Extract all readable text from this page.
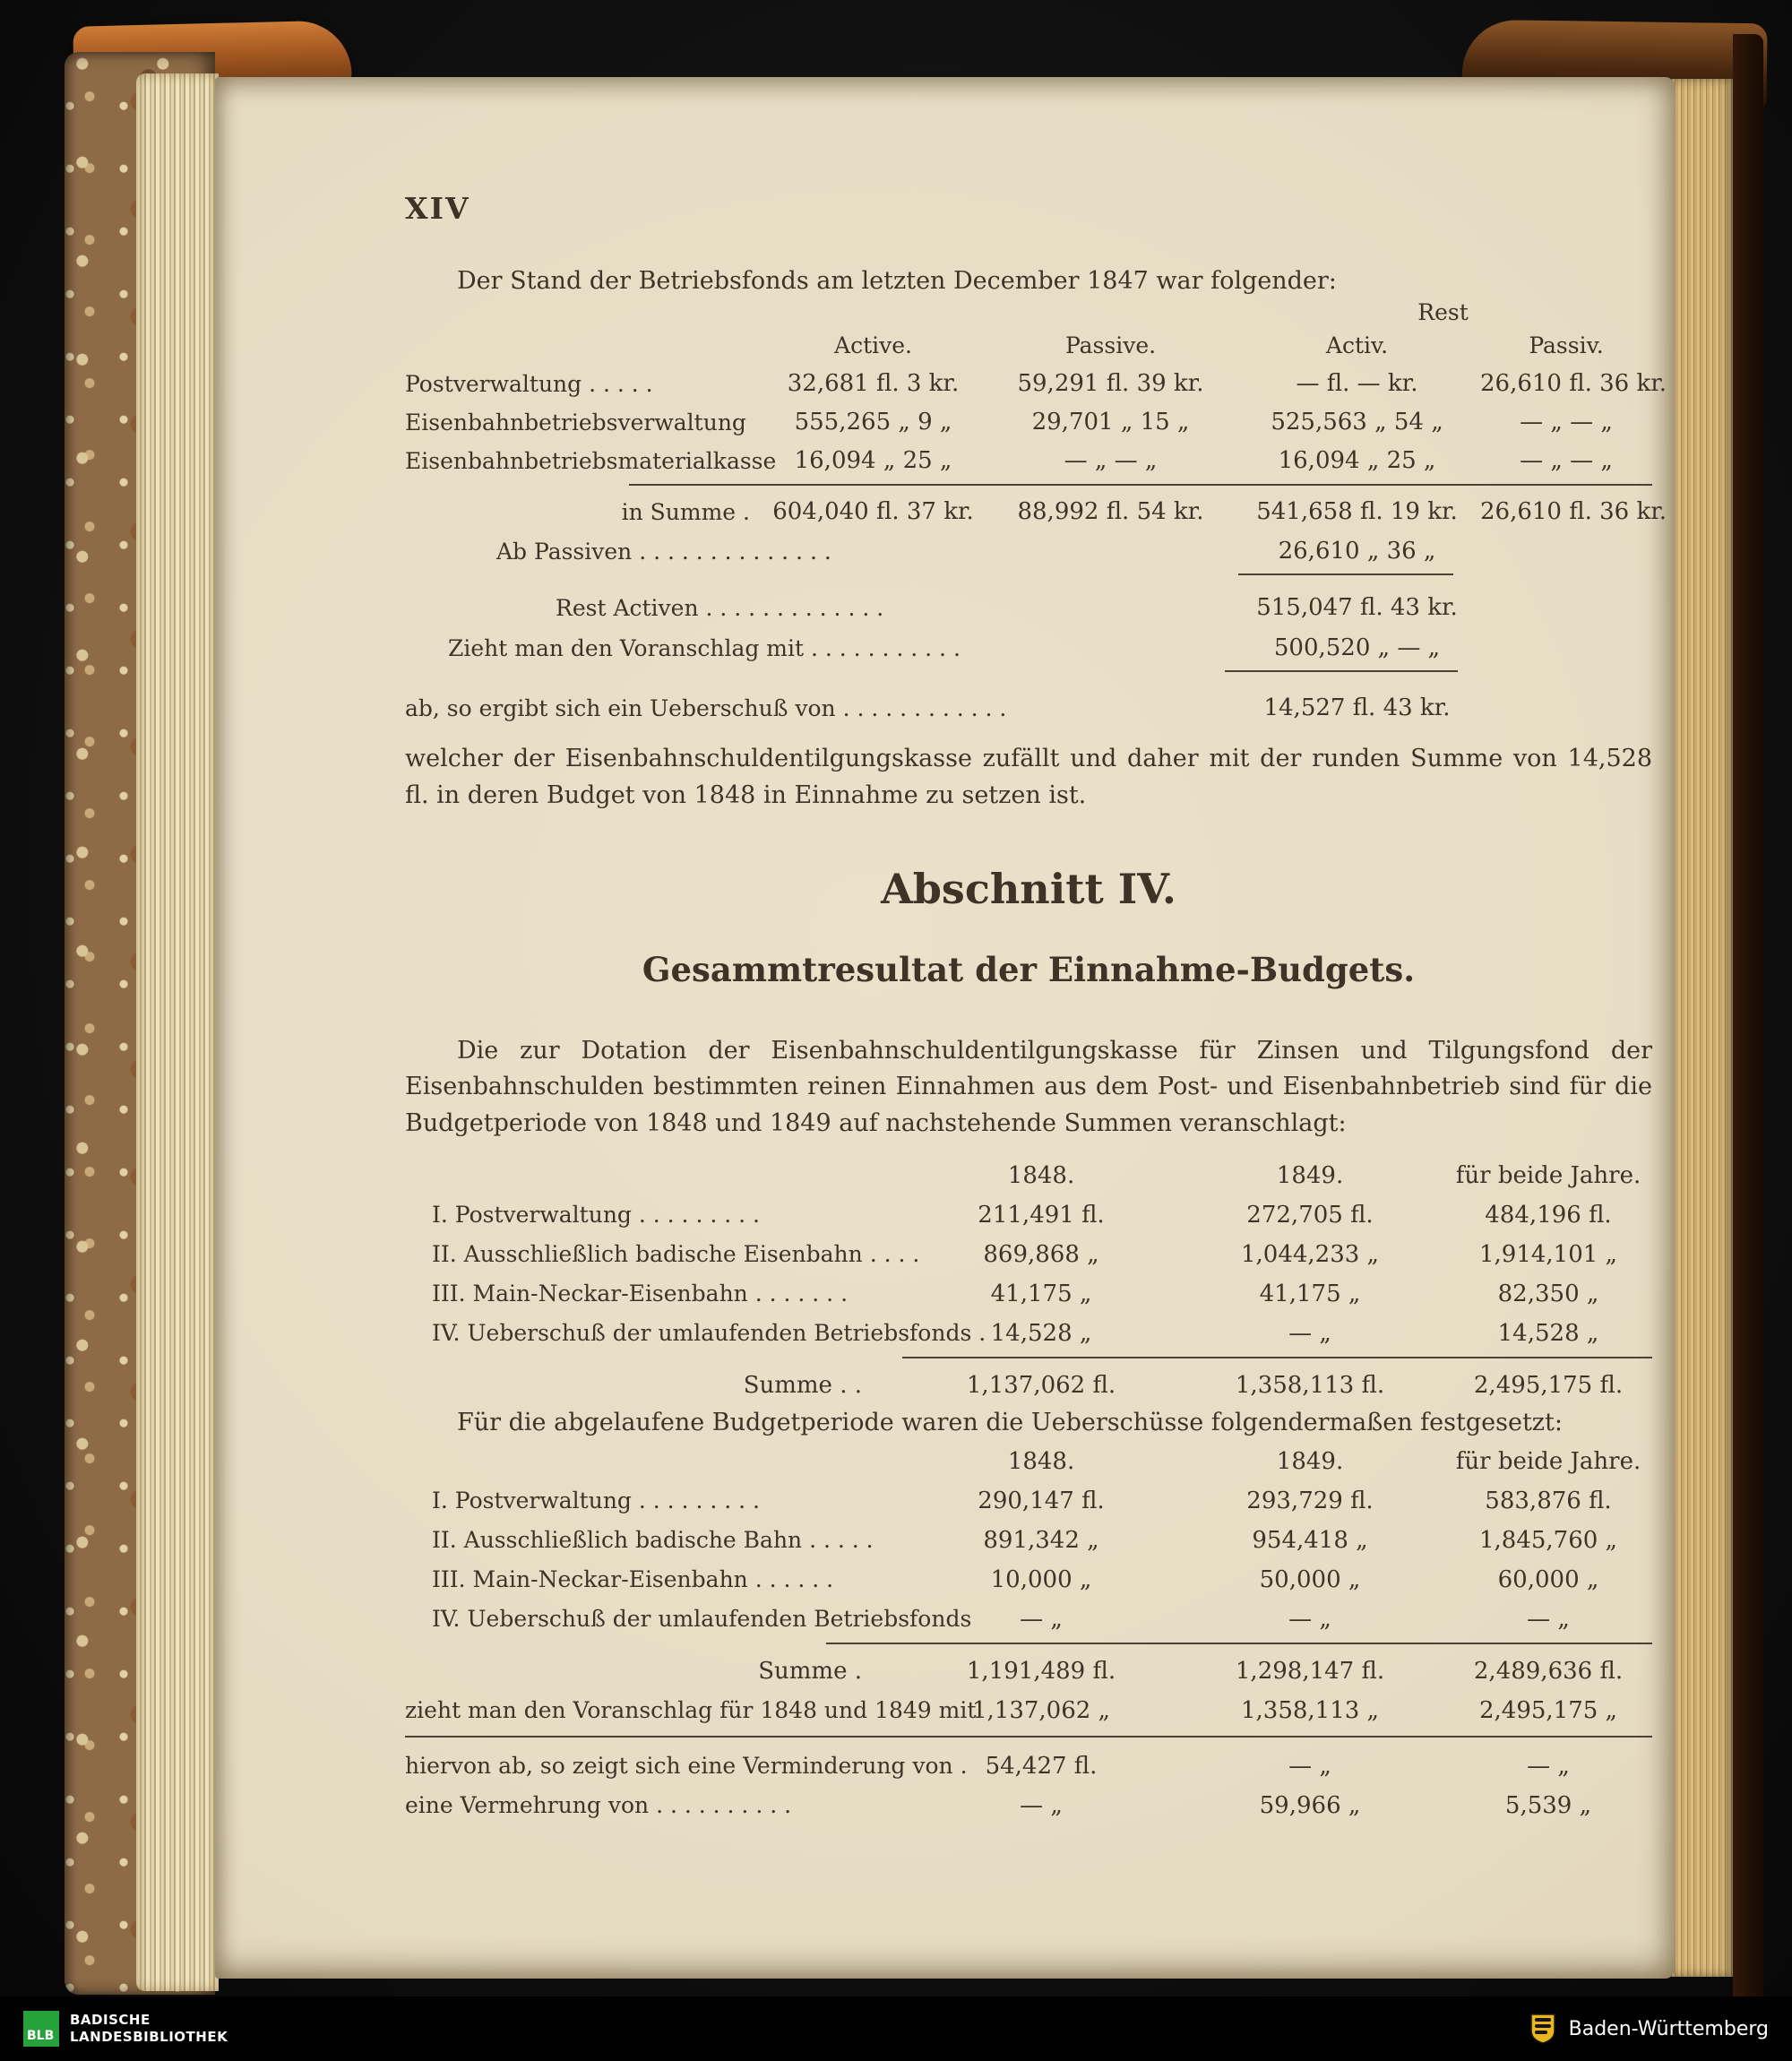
XIV

Der Stand der Betriebsfonds am letzten December 1847 war folgender:

Rest
Active.	Passive.	Activ.	Passiv.
Postverwaltung . . . . .	32,681 fl. 3 kr.	59,291 fl. 39 kr.	— fl. — kr.	26,610 fl. 36 kr.
Eisenbahnbetriebsverwaltung	555,265 „ 9 „	29,701 „ 15 „	525,563 „ 54 „	— „ — „
Eisenbahnbetriebsmaterialkasse 16,094 „ 25 „	— „ — „	16,094 „ 25 „	— „ — „
in Summe . 604,040 fl. 37 kr.	88,992 fl. 54 kr.	541,658 fl. 19 kr. 26,610 fl. 36 kr.
Ab Passiven . . . . . . . . . . . . . .	26,610 „ 36 „
Rest Activen . . . . . . . . . . . . .	515,047 fl. 43 kr.
Zieht man den Voranschlag mit . . . . . . . . . . .	500,520 „ — „
ab, so ergibt sich ein Ueberschuß von . . . . . . . . . . . .	14,527 fl. 43 kr.

welcher der Eisenbahnschuldentilgungskasse zufällt und daher mit der runden Summe von 14,528 fl. in deren Budget von 1848 in Einnahme zu setzen ist.

Abschnitt IV.
Gesammtresultat der Einnahme-Budgets.

Die zur Dotation der Eisenbahnschuldentilgungskasse für Zinsen und Tilgungsfond der Eisenbahnschulden bestimmten reinen Einnahmen aus dem Post- und Eisenbahnbetrieb sind für die Budgetperiode von 1848 und 1849 auf nachstehende Summen veranschlagt:

1848.	1849.	für beide Jahre.
I. Postverwaltung . . . . . . . . .	211,491 fl.	272,705 fl.	484,196 fl.
II. Ausschließlich badische Eisenbahn . . . .	869,868 „	1,044,233 „	1,914,101 „
III. Main-Neckar-Eisenbahn . . . . . . .	41,175 „	41,175 „	82,350 „
IV. Ueberschuß der umlaufenden Betriebsfonds . 14,528 „	— „	14,528 „
Summe . .	1,137,062 fl.	1,358,113 fl.	2,495,175 fl.

Für die abgelaufene Budgetperiode waren die Ueberschüsse folgendermaßen festgesetzt:

1848.	1849.	für beide Jahre.
I. Postverwaltung . . . . . . . . .	290,147 fl.	293,729 fl.	583,876 fl.
II. Ausschließlich badische Bahn . . . . .	891,342 „	954,418 „	1,845,760 „
III. Main-Neckar-Eisenbahn . . . . . .	10,000 „	50,000 „	60,000 „
IV. Ueberschuß der umlaufenden Betriebsfonds	— „	— „	— „
Summe .	1,191,489 fl.	1,298,147 fl.	2,489,636 fl.
zieht man den Voranschlag für 1848 und 1849 mit
1,137,062 „	1,358,113 „	2,495,175 „
hiervon ab, so zeigt sich eine Verminderung von . 54,427 fl.	— „	— „
eine Vermehrung von . . . . . . . . . .	— „	59,966 „	5,539 „
BLB
BADISCHE
LANDESBIBLIOTHEK	Baden-Württemberg
